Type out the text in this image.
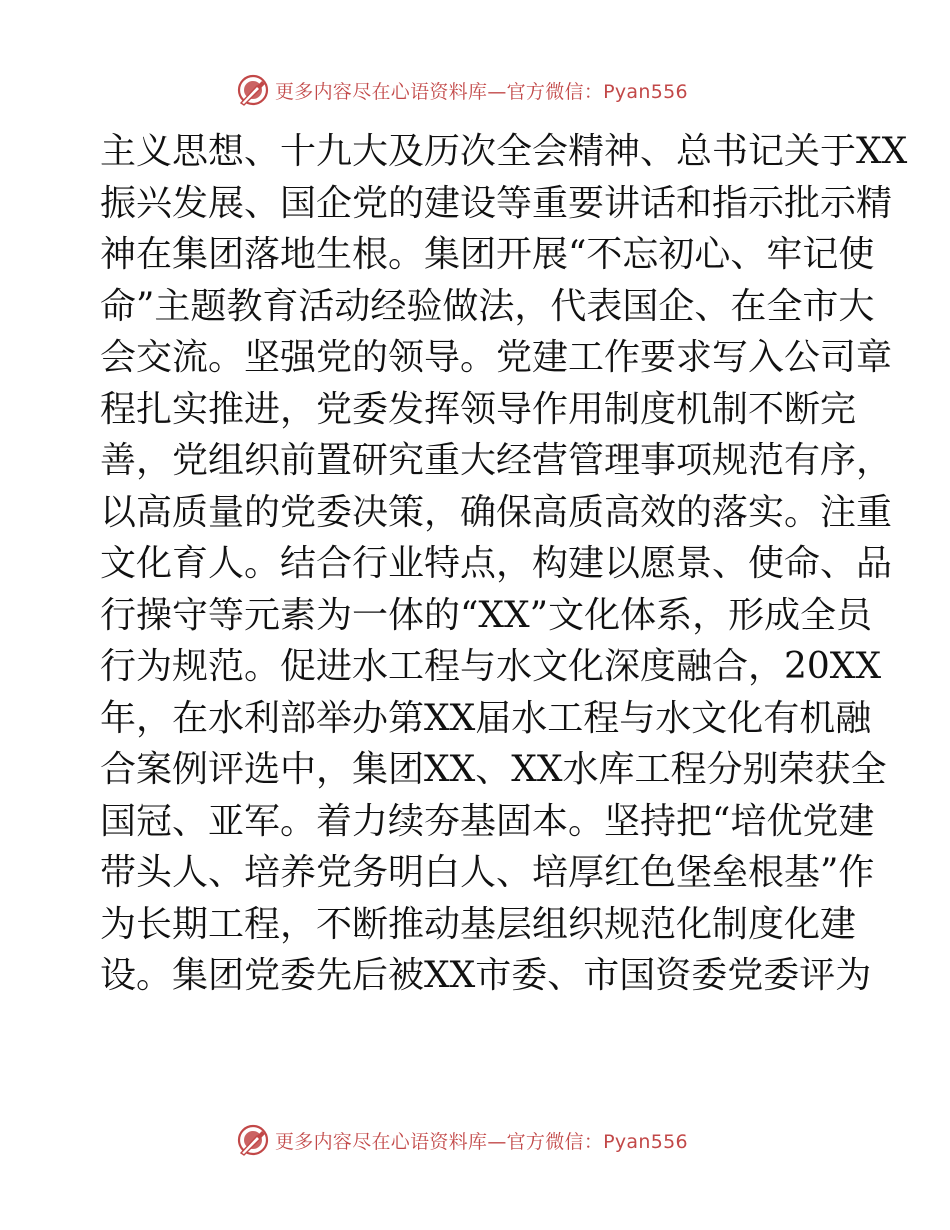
更多内容尽在心语资料库—官方微信：Pyan556
主义思想、十九大及历次全会精神、总书记关于XX
振兴发展、国企党的建设等重要讲话和指示批示精
神在集团落地生根。集团开展“不忘初心、牢记使
命”主题教育活动经验做法，代表国企、在全市大
会交流。坚强党的领导。党建工作要求写入公司章
程扎实推进，党委发挥领导作用制度机制不断完
善，党组织前置研究重大经营管理事项规范有序，
以高质量的党委决策，确保高质高效的落实。注重
文化育人。结合行业特点，构建以愿景、使命、品
行操守等元素为一体的“XX”文化体系，形成全员
行为规范。促进水工程与水文化深度融合，20XX
年，在水利部举办第XX届水工程与水文化有机融
合案例评选中，集团XX、XX水库工程分别荣获全
国冠、亚军。着力续夯基固本。坚持把“培优党建
带头人、培养党务明白人、培厚红色堡垒根基”作
为长期工程，不断推动基层组织规范化制度化建
设。集团党委先后被XX市委、市国资委党委评为
更多内容尽在心语资料库—官方微信：Pyan556
